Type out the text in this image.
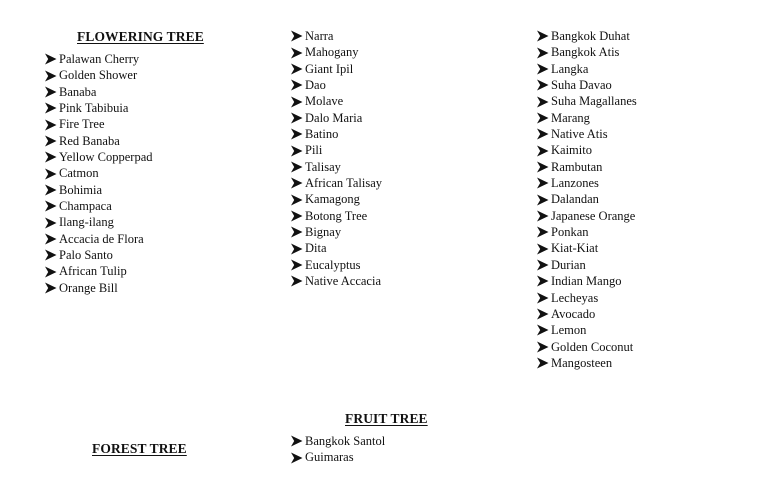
FLOWERING TREE
Palawan Cherry
Golden Shower
Banaba
Pink Tabibuia
Fire Tree
Red Banaba
Yellow Copperpad
Catmon
Bohimia
Champaca
Ilang-ilang
Accacia de Flora
Palo Santo
African Tulip
Orange Bill
Narra
Mahogany
Giant Ipil
Dao
Molave
Dalo Maria
Batino
Pili
Talisay
African Talisay
Kamagong
Botong Tree
Bignay
Dita
Eucalyptus
Native Accacia
Bangkok Duhat
Bangkok Atis
Langka
Suha Davao
Suha Magallanes
Marang
Native Atis
Kaimito
Rambutan
Lanzones
Dalandan
Japanese Orange
Ponkan
Kiat-Kiat
Durian
Indian Mango
Lecheyas
Avocado
Lemon
Golden Coconut
Mangosteen
FRUIT TREE
Bangkok Santol
Guimaras
FOREST TREE
